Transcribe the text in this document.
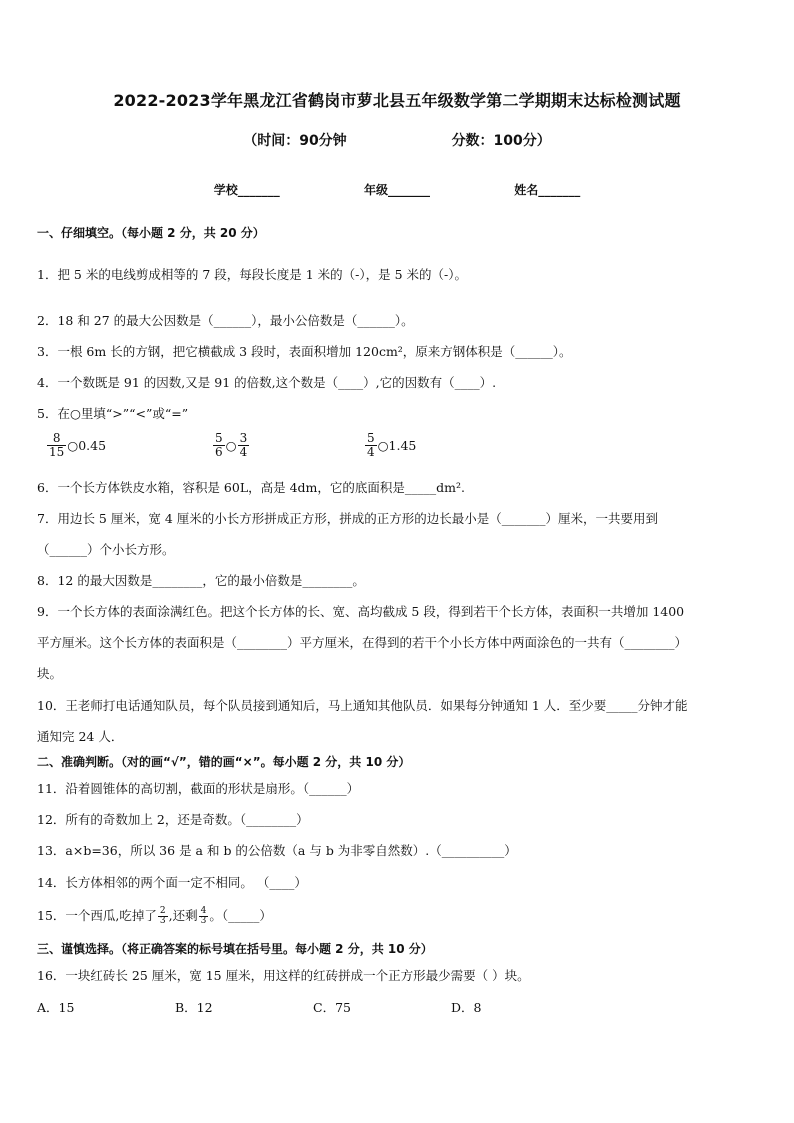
2022-2023学年黑龙江省鹤岗市萝北县五年级数学第二学期期末达标检测试题
（时间：90分钟	分数：100分）
学校_______	年级_______	姓名_______
一、仔细填空。（每小题 2 分，共 20 分）
1．把 5 米的电线剪成相等的 7 段，每段长度是 1 米的（-），是 5 米的（-）。
2．18 和 27 的最大公因数是（______），最小公倍数是（______）。
3．一根 6m 长的方钢，把它横截成 3 段时，表面积增加 120cm²，原来方钢体积是（______）。
4．一个数既是 91 的因数,又是 91 的倍数,这个数是（____）,它的因数有（____）.
5．在○里填“>”“<”或“=”
$\frac{8}{15}$ ○0.45	$\frac{5}{6}$ ○ $\frac{3}{4}$	$\frac{5}{4}$ ○1.45
6．一个长方体铁皮水箱，容积是 60L，高是 4dm，它的底面积是_____dm².
7．用边长 5 厘米，宽 4 厘米的小长方形拼成正方形，拼成的正方形的边长最小是（_______）厘米，一共要用到
（______）个小长方形。
8．12 的最大因数是________，它的最小倍数是________。
9．一个长方体的表面涂满红色。把这个长方体的长、宽、高均截成 5 段，得到若干个长方体，表面积一共增加 1400
平方厘米。这个长方体的表面积是（________）平方厘米，在得到的若干个小长方体中两面涂色的一共有（________）
块。
10．王老师打电话通知队员，每个队员接到通知后，马上通知其他队员．如果每分钟通知 1 人．至少要_____分钟才能
通知完 24 人．
二、准确判断。（对的画“√”，错的画“×”。每小题 2 分，共 10 分）
11．沿着圆锥体的高切割，截面的形状是扇形。（______）
12．所有的奇数加上 2，还是奇数。（________）
13．a×b=36，所以 36 是 a 和 b 的公倍数（a 与 b 为非零自然数）.（__________）
14．长方体相邻的两个面一定不相同。 （____）
15．一个西瓜,吃掉了 $\frac{2}{3}$ ,还剩 $\frac{4}{3}$ 。（_____）
三、谨慎选择。（将正确答案的标号填在括号里。每小题 2 分，共 10 分）
16．一块红砖长 25 厘米，宽 15 厘米，用这样的红砖拼成一个正方形最少需要（ ）块。
A．15	B．12	C．75	D．8
